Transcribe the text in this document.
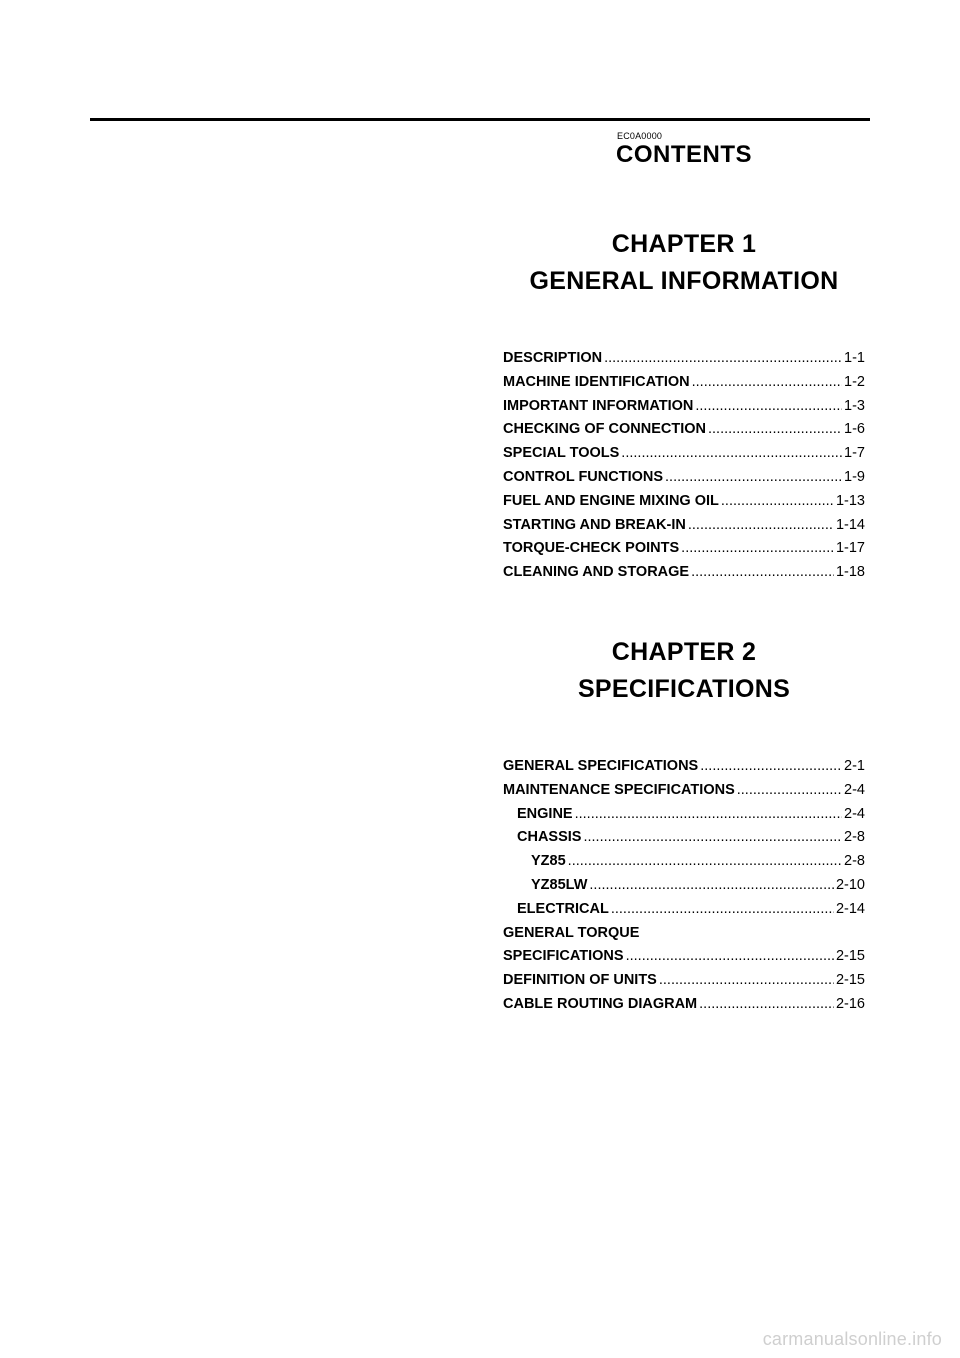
EC0A0000
CONTENTS
CHAPTER 1
GENERAL INFORMATION
DESCRIPTION .....	1-1
MACHINE IDENTIFICATION .....	1-2
IMPORTANT INFORMATION .....	1-3
CHECKING OF CONNECTION .....	1-6
SPECIAL TOOLS .....	1-7
CONTROL FUNCTIONS .....	1-9
FUEL AND ENGINE MIXING OIL .....	1-13
STARTING AND BREAK-IN .....	1-14
TORQUE-CHECK POINTS .....	1-17
CLEANING AND STORAGE .....	1-18
CHAPTER 2
SPECIFICATIONS
GENERAL SPECIFICATIONS .....	2-1
MAINTENANCE SPECIFICATIONS .....	2-4
ENGINE .....	2-4
CHASSIS .....	2-8
YZ85 .....	2-8
YZ85LW .....	2-10
ELECTRICAL .....	2-14
GENERAL TORQUE
SPECIFICATIONS .....	2-15
DEFINITION OF UNITS .....	2-15
CABLE ROUTING DIAGRAM .....	2-16
carmanualsonline.info
